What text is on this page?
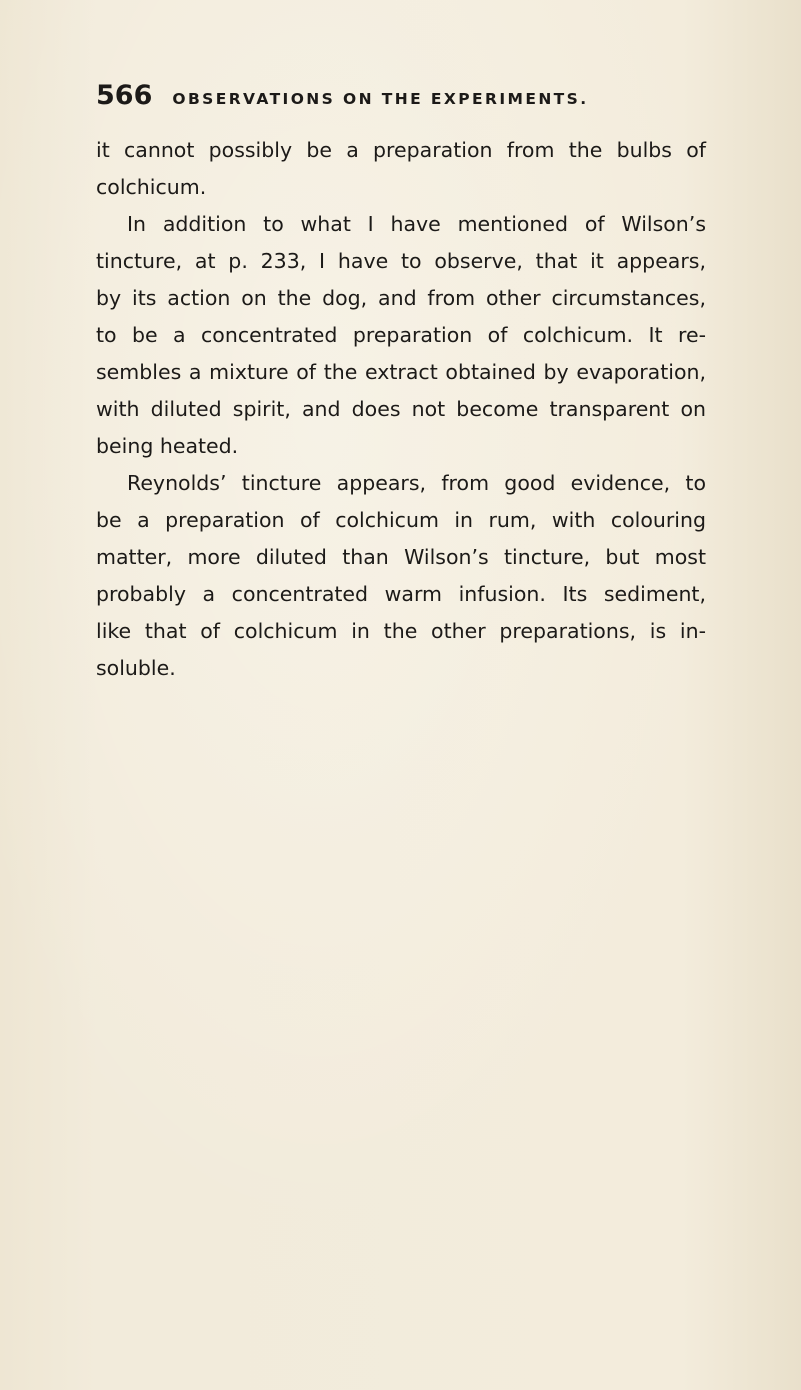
566 OBSERVATIONS ON THE EXPERIMENTS.
it cannot possibly be a preparation from the bulbs of
colchicum.
In addition to what I have mentioned of Wilson’s
tincture, at p. 233, I have to observe, that it appears,
by its action on the dog, and from other circumstances,
to be a concentrated preparation of colchicum. It re-
sembles a mixture of the extract obtained by evaporation,
with diluted spirit, and does not become transparent on
being heated.
Reynolds’ tincture appears, from good evidence, to
be a preparation of colchicum in rum, with colouring
matter, more diluted than Wilson’s tincture, but most
probably a concentrated warm infusion. Its sediment,
like that of colchicum in the other preparations, is in-
soluble.
